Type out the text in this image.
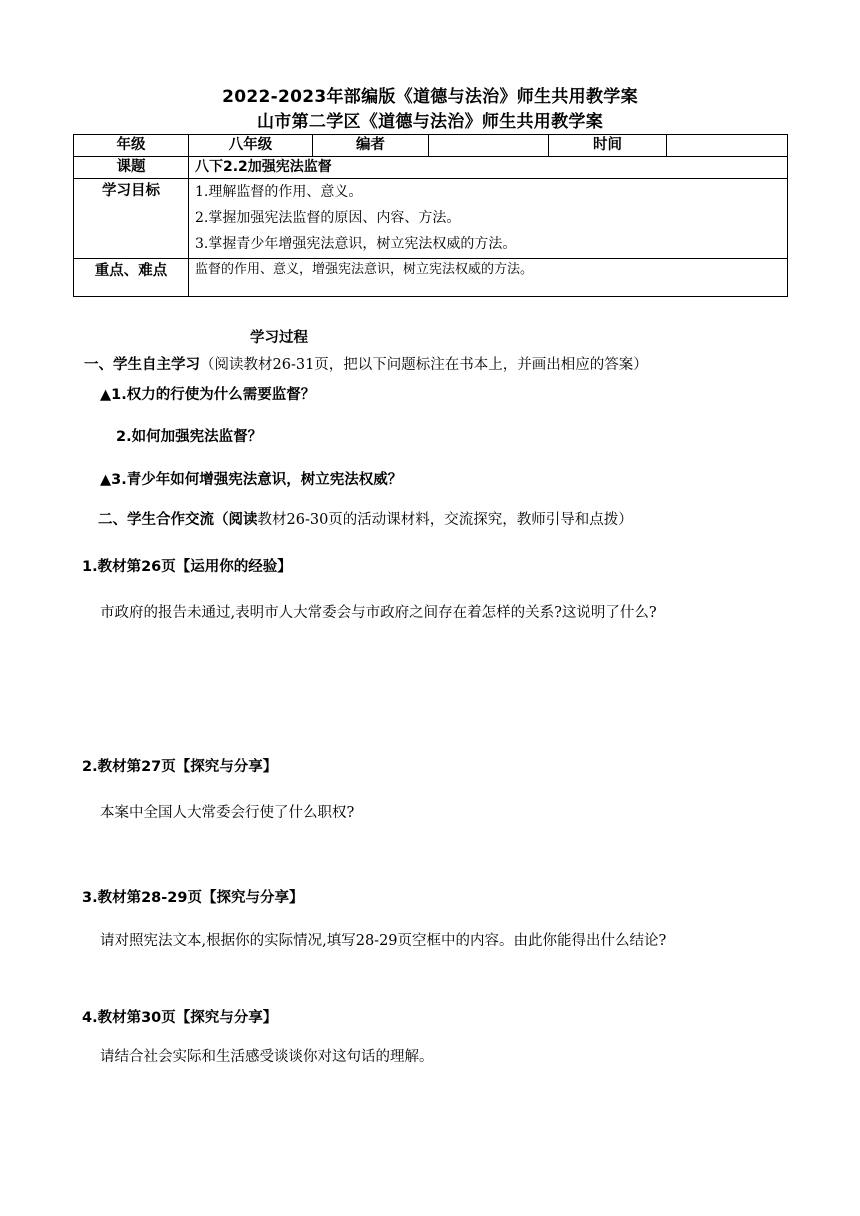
2022-2023年部编版《道德与法治》师生共用教学案
山市第二学区《道德与法治》师生共用教学案
年级	八年级	编者		时间	
课题	八下2.2加强宪法监督				
学习目标	1.理解监督的作用、意义。
2.掌握加强宪法监督的原因、内容、方法。
3.掌握青少年增强宪法意识，树立宪法权威的方法。				

重点、难点	监督的作用、意义，增强宪法意识，树立宪法权威的方法。				
学习过程
一、学生自主学习（阅读教材26-31页，把以下问题标注在书本上，并画出相应的答案）
▲1.权力的行使为什么需要监督？
2.如何加强宪法监督？
▲3.青少年如何增强宪法意识，树立宪法权威？
二、学生合作交流（阅读教材26-30页的活动课材料，交流探究，教师引导和点拨）
1.教材第26页【运用你的经验】
市政府的报告未通过,表明市人大常委会与市政府之间存在着怎样的关系?这说明了什么?
2.教材第27页【探究与分享】
本案中全国人大常委会行使了什么职权?
3.教材第28-29页【探究与分享】
请对照宪法文本,根据你的实际情况,填写28-29页空框中的内容。由此你能得出什么结论?
4.教材第30页【探究与分享】
请结合社会实际和生活感受谈谈你对这句话的理解。
